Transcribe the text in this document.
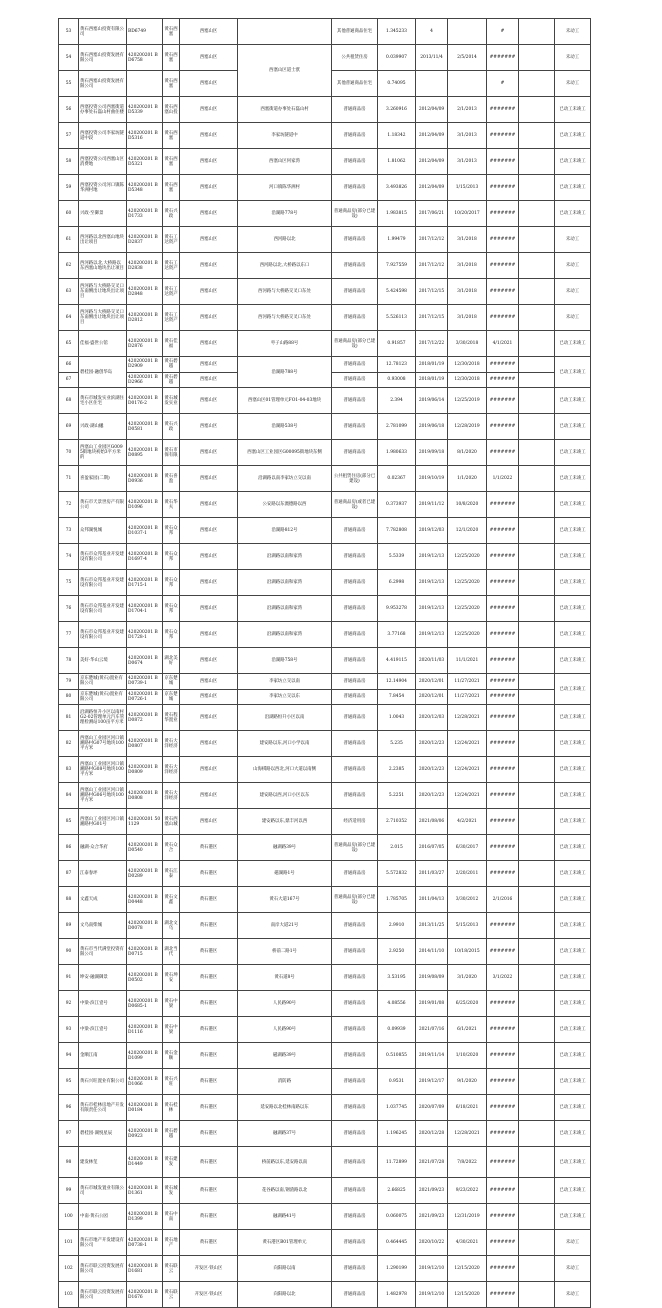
53	黄石西塞山投资有限公司	BD6749	黄石西塞	西塞山区		其他普通商品住宅	1.345233	4		#		未动工	
54	黄石西塞山投资发展有限公司	420200201 BD6758	黄石西塞	西塞山区	西塞山区道士洑	公共租赁住房	0.039907	2013/11/4	2/5/2014	#######		未动工	
55	黄石西塞山投资发展有限公司		黄石西塞	西塞山区		其他普通商品住宅	0.74095			#		未动工	
56	西塞投资公司西塞街道办事处石磊山村曲住楼	420200201 BD5339	黄石西塞山投	西塞山区	西塞街道办事处石磊山村	普通商品房	3.260916	2012/04/09	2/1/2013	#######		已动工未竣工	
57	西塞投资公司李家坊隧道中段	420200201 BD5316	黄石西塞	西塞山区	李家坊隧道中	普通商品房	1.18342	2012/04/09	3/1/2013	#######		已动工未竣工	
58	西塞投资公司西塞山区消费地	420200201 BD5321	黄石西塞	西塞山区	西塞山区何家湾	普通商品房	1.81062	2012/04/09	3/1/2013	#######		已动工未竣工	
59	西塞投资公司河口镇陈华洲村地	420200201 BD5348	黄石西塞	西塞山区	河口镇陈华洲村	普通商品房	3.493826	2012/04/09	1/15/2013	#######		已动工未竣工	
60	兴政·至御景	420200201 BD1733	黄石兴政	西塞山区	沿湖路778号	普通商品房(部分已建设)	1.983815	2017/06/21	10/20/2017	#######		已动工未竣工	
61	西河路以北西塞山地块出让项目	420200201 BD2837	黄石工达资产	西塞山区	西河路以北	普通商品房	1.99479	2017/12/12	3/1/2018	#######		未动工	
62	西河路以北,大桥路以东西塞山地块出让项目	420200201 BD2838	黄石工达资产	西塞山区	西河路以北,大桥路以东口	普通商品房	7.927559	2017/12/12	3/1/2018	#######		未动工	
63	西河路与大桥路交叉口东南侧出让地块出让项目	420200201 BD2848	黄石工达资产	西塞山区	西河路与大桥路交叉口东处	普通商品房	5.424598	2017/12/15	3/1/2018	#######		未动工	
64	西河路与大桥路交叉口东南侧出让地块出让项目	420200201 BD2812	黄石工达资产	西塞山区	西河路与大桥路交叉口东处	普通商品房	5.526113	2017/12/15	3/1/2018	#######		未动工	
65	佳福·盛世公馆	420200201 BD2876	黄石佳福	西塞山区	枣子山路88号	普通商品房(部分已建设)	0.91857	2017/12/22	3/30/2018	4/1/2021		已动工未竣工	
66	碧桂园·融创华岛	420200201 BD2909	黄石碧越	西塞山区	沿湖路788号	普通商品房	12.78123	2018/01/19	12/30/2018	#######		已动工未竣工	
67		420200201 BD2966	黄石碧越	西塞山区		普通商品房	0.93008	2018/01/19	12/30/2018	#######			
68	黄石市城发实业滨湖住宅小区住宅	420200201 BD0176-2	黄石城发实业	西塞山区	西塞山区01管理单元FO1-04-03地块	普通商品房	2.394	2019/06/14	12/25/2019	#######		已动工未竣工	
69	兴政·湖山樾	420200201 BD0581	黄石兴政	西塞山区	沿湖路538号	普通商品房	2.781099	2019/06/18	12/28/2019	#######		已动工未竣工	
70	西塞山工业园区G0095街地块初始3平方米的	420200201 BD0895	黄石市保有限	西塞山区	西塞山区工业园区G00095街地块东侧	普通商品房	1.980633	2019/09/18	8/1/2020	#######		已动工未竣工	
71	喜盈家园(二期)	420200201 BD0936	黄石喜盈	西塞山区	沿湖路以南李家坊立交以南	公共租赁住房(部分已建设)	0.02367	2019/10/19	1/1/2020	1/1/2022		已动工未竣工	
72	黄石市天景世房产有限公司	420200201 BD1096	黄石华夫	西塞山区	公安路以东澳德路以西	普通商品房(或者已建设)	0.373937	2019/11/12	10/8/2020	#######		已动工未竣工	
73	众邦湖悦城	420200201 BD1037-1	黄石众邦	西塞山区	沿湖路812号	普通商品房	7.782808	2019/12/03	12/1/2020	#######		已动工未竣工	
74	黄石市众邦基业开发建设有限公司	420200201 BD1697-4	黄石众邦	西塞山区	沿湖路以南和家湾	普通商品房	5.5339	2019/12/13	12/25/2020	#######		已动工未竣工	
75	黄石市众邦基业开发建设有限公司	420200201 BD1715-1	黄石众邦	西塞山区	沿湖路以南和家湾	普通商品房	6.2998	2019/12/13	12/25/2020	#######		已动工未竣工	
76	黄石市众邦基业开发建设有限公司	420200201 BD1704-1	黄石众邦	西塞山区	沿湖路以南和家湾	普通商品房	9.953278	2019/12/13	12/25/2020	#######		已动工未竣工	
77	黄石市众邦基业开发建设有限公司	420200201 BD1728-1	黄石众邦	西塞山区	沿湖路以南和家湾	普通商品房	3.77168	2019/12/13	12/25/2020	#######		已动工未竣工	
78	美好·华山云境	420200201 BD0674	湖北美好	西塞山区	沿湖路758号	普通商品房	4.419115	2020/11/03	11/1/2021	#######		已动工未竣工	
79	京东楚城(黄石)置业有限公司	420200201 BD0739-1	京东楚城	西塞山区	李家坊立交以南	普通商品房	12.14904	2020/12/01	11/27/2021	#######		已动工未竣工	
80	京东楚城(黄石)置业有限公司	420200201 BD0726-1	京东楚城	西塞山区	李家坊立交以东	普通商品房	7.8454	2020/12/01	11/27/2021	#######			
81	沿湖路恒升小区以南村G2-02管理单元汽车管理检测站100亩平方米	420200201 BD0872	黄石程华置业	西塞山区	沿湖路恒升小区以南	普通商品房	1.0043	2020/12/03	12/28/2021	#######		已动工未竣工	
82	西塞山工业园区河口镇湘路村G07号地块100平方米	420200201 BD0807	黄石大洋经济	西塞山区	建安路以东,河口小学以南	普通商品房	5.235	2020/12/23	12/24/2021	#######		已动工未竣工	
83	西塞山工业园区河口镇湘路村G08号地块100平方米	420200201 BD0809	黄石大洋经济	西塞山区	山海棋路以西北,河口大道以南侧	普通商品房	2.2385	2020/12/23	12/24/2021	#######		已动工未竣工	
84	西塞山工业园区河口镇湘路村G06号地块100平方米	420200201 BD0808	黄石大洋经济	西塞山区	建安路以西,河口小区以东	普通商品房	5.2251	2020/12/23	12/24/2021	#######		已动工未竣工	
85	西塞山工业园区河口镇湘路村G01号	420200201 501129	黄石西塞山城	西塞山区	建安路以东,鼎丰河以西	经济适用房	2.710352	2021/08/06	4/2/2021	#######		已动工未竣工	
86	融湖·众合华府	420200201 BD0540	黄石众合	黄石港区	融湖路39号	普通商品房(部分已建设)	2.015	2016/07/05	6/30/2017	#######		已动工未竣工	
87	江泰春坪	420200201 BD0289	黄石江泰	黄石港区	磁湖路1号	普通商品房	5.572832	2011/03/27	2/20/2011	#######		已动工未竣工	
88	文鑫天成	420200201 BD0448	黄石文鑫	黄石港区	黄石大道167号	普通商品房(部分已建设)	1.785705	2011/04/13	3/30/2012	2/1/2016		已动工未竣工	
89	文乌南柴城	420200201 BD0078	湖北文乌	黄石港区	南岸大道21号	普通商品房	2.9910	2013/11/25	5/15/2013	#######		已动工未竣工	
90	黄石市当代满堂投资有限公司	420200201 BD0715	湖北当代	黄石港区	桥前二路1号	普通商品房	2.9250	2014/11/10	10/18/2015	#######		已动工未竣工	
91	坤安·融湖御景	420200201 BD0502	黄石坤安	黄石港区	黄石道8号	普通商品房	3.53195	2019/08/09	3/1/2020	3/1/2022		已动工未竣工	
92	中梁·滨江壹号	420200201 BD0685-1	黄石中梁	黄石港区	人民路90号	普通商品房	4.08556	2019/01/08	6/25/2020	#######		已动工未竣工	
93	中梁·滨江壹号	420200201 BD1116	黄石中梁	黄石港区	人民路90号	普通商品房	0.09939	2021/07/16	6/1/2021	#######		已动工未竣工	
94	金顺江南	420200201 BD1099	黄石金顺	黄石港区	磁湖路39号	普通商品房	0.510855	2019/11/14	1/10/2020	#######		已动工未竣工	
95	黄石兴旺置业有限公司	420200201 BD1066	黄石兴旺	黄石港区	消防路	普通商品房	0.9531	2019/12/17	9/1/2020	#######		已动工未竣工	
96	黄石市桂林房地产开发有限责任公司	420200201 BD0184	黄石桂林	黄石港区	延安路以北桂林南路以东	普通商品房	1.037745	2020/07/09	6/18/2021	#######		已动工未竣工	
97	碧桂园·湖悦星辰	420200201 BD0923	黄石碧越	黄石港区	融湖路37号	普通商品房	1.196245	2020/12/28	12/28/2021	#######		已动工未竣工	
98	建发林玺	420200201 BD1449	黄石建发	黄石港区	桥前路以东,延安路以南	普通商品房	11.72899	2021/07/28	7/8/2022	#######		已动工未竣工	
99	黄石市城发置业有限公司	420200201 BD1361	黄石城发	黄石港区	花谷路以南,钢渣路以北	普通商品房	2.66825	2021/09/23	9/23/2022	#######		已动工未竣工	
100	中南·黄石公园	420200201 BD1399	黄石中南	黄石港区	融湖路41号	普通商品房	0.060075	2021/09/23	12/31/2019	#######		已动工未竣工	
101	黄石市地产开发建设有限公司	420200201 BD0738-1	黄石地产	黄石港区	黄石港区B01管理单元	普通商品房	0.464445	2020/10/22	4/30/2021	#######		未动工	
102	黄石市联云投资发展有限公司	420200201 BD1681	黄石联云	开发区·铁山区	向阳路以南	普通商品房	1.290199	2019/12/10	12/15/2020	#######		未动工	
103	黄石市联云投资发展有限公司	420200201 BD1676	黄石联云	开发区·铁山区	向阳路以北	普通商品房	1.482978	2019/12/10	12/15/2020	#######		未动工	
